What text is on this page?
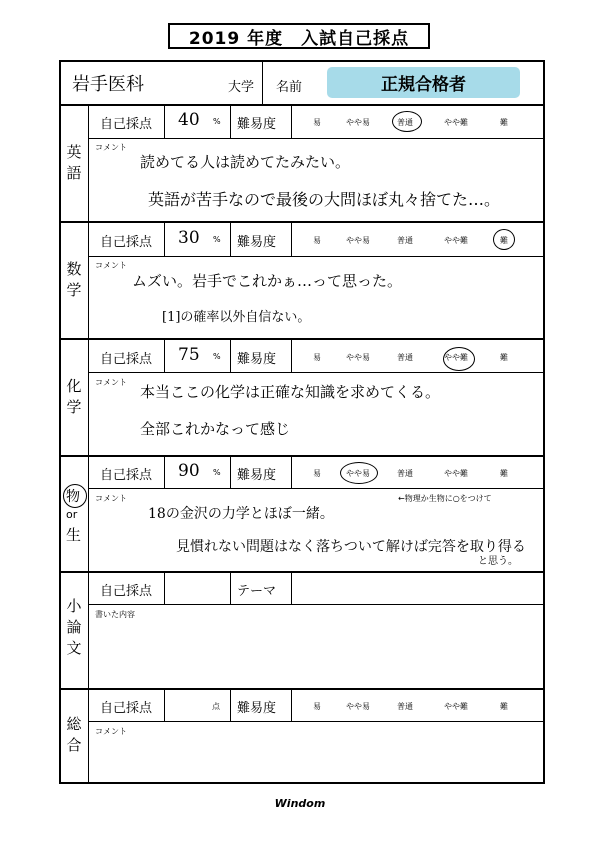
2019 年度　入試自己採点
岩手医科	大学 名前	正規合格者
英
語
自己採点 40 % 難易度	易	やや易	普通	やや難	難
コメント
読めてる人は読めてたみたい。
英語が苦手なので最後の大問ほぼ丸々捨てた…。
数
学
自己採点 30 % 難易度	易	やや易	普通	やや難	難
コメント
ムズい。岩手でこれかぁ…って思った。
[1]の確率以外自信ない。
化
学
自己採点 75 % 難易度	易	やや易	普通	やや難	難
コメント
本当ここの化学は正確な知識を求めてくる。
全部これかなって感じ
物
or
生
自己採点 90 % 難易度	易	やや易	普通	やや難	難
コメント	←物理か生物に○をつけて
18の金沢の力学とほぼ一緒。
見慣れない問題はなく落ちついて解けば完答を取り得る
と思う。
小
論
文
自己採点	テーマ
書いた内容
総
合
自己採点	点 難易度	易	やや易	普通	やや難	難
コメント
Windom
